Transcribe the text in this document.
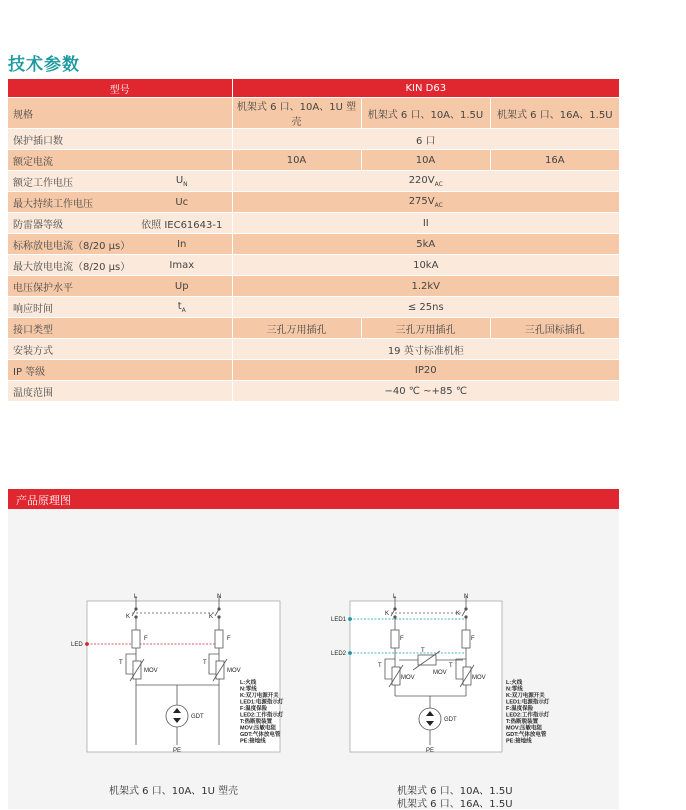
技术参数
型号		KIN D63		
规格		机架式 6 口、10A、1U 塑壳	机架式 6 口、10A、1.5U	机架式 6 口、16A、1.5U
保护插口数		6 口		
额定电流		10A	10A	16A
额定工作电压	$U_N$	$220V_{AC}$
最大持续工作电压	Uc	$275V_{AC}$
防雷器等级	依照 IEC61643-1	II		
标称放电电流（8/20 μs）	In	5kA		
最大放电电流（8/20 μs）	Imax	10kA		
电压保护水平	Up	1.2kV		
响应时间	$t_A$	≤ 25ns		
接口类型		三孔万用插孔	三孔万用插孔	三孔国标插孔
安装方式		19 英寸标准机柜		
IP 等级		IP20		
温度范围		−40 ℃ ~+85 ℃		
产品原理图
L	N
K	K
LED
F	F
T	T
MOV	MOV
GDT
PE
L:火线
N:零线
K:双刀电源开关
LED1:电源指示灯
F:温度保险
LED2:工作指示灯
T:热断脱装置
MOV:压敏电阻
GDT:气体放电管
PE:接地线
L	N
K	K
LED1
LED2
F	F
T	T
T
MOV	MOV
MOV
GDT
PE
L:火线
N:零线
K:双刀电源开关
LED1:电源指示灯
F:温度保险
LED2:工作指示灯
T:热断脱装置
MOV:压敏电阻
GDT:气体放电管
PE:接地线
机架式 6 口、10A、1U 塑壳	机架式 6 口、10A、1.5U
机架式 6 口、16A、1.5U
